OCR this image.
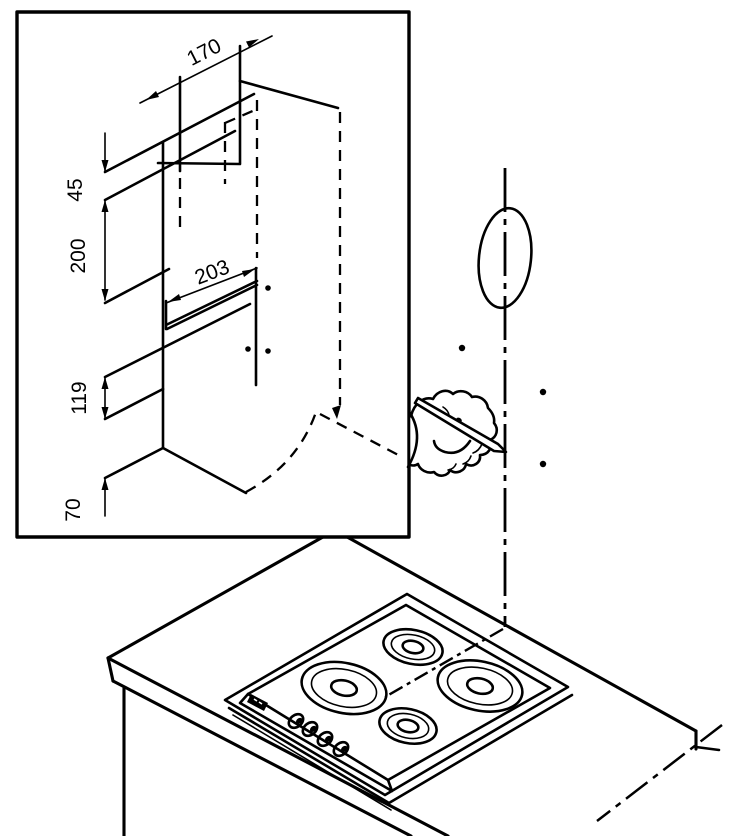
170
203
45
200
119
70
